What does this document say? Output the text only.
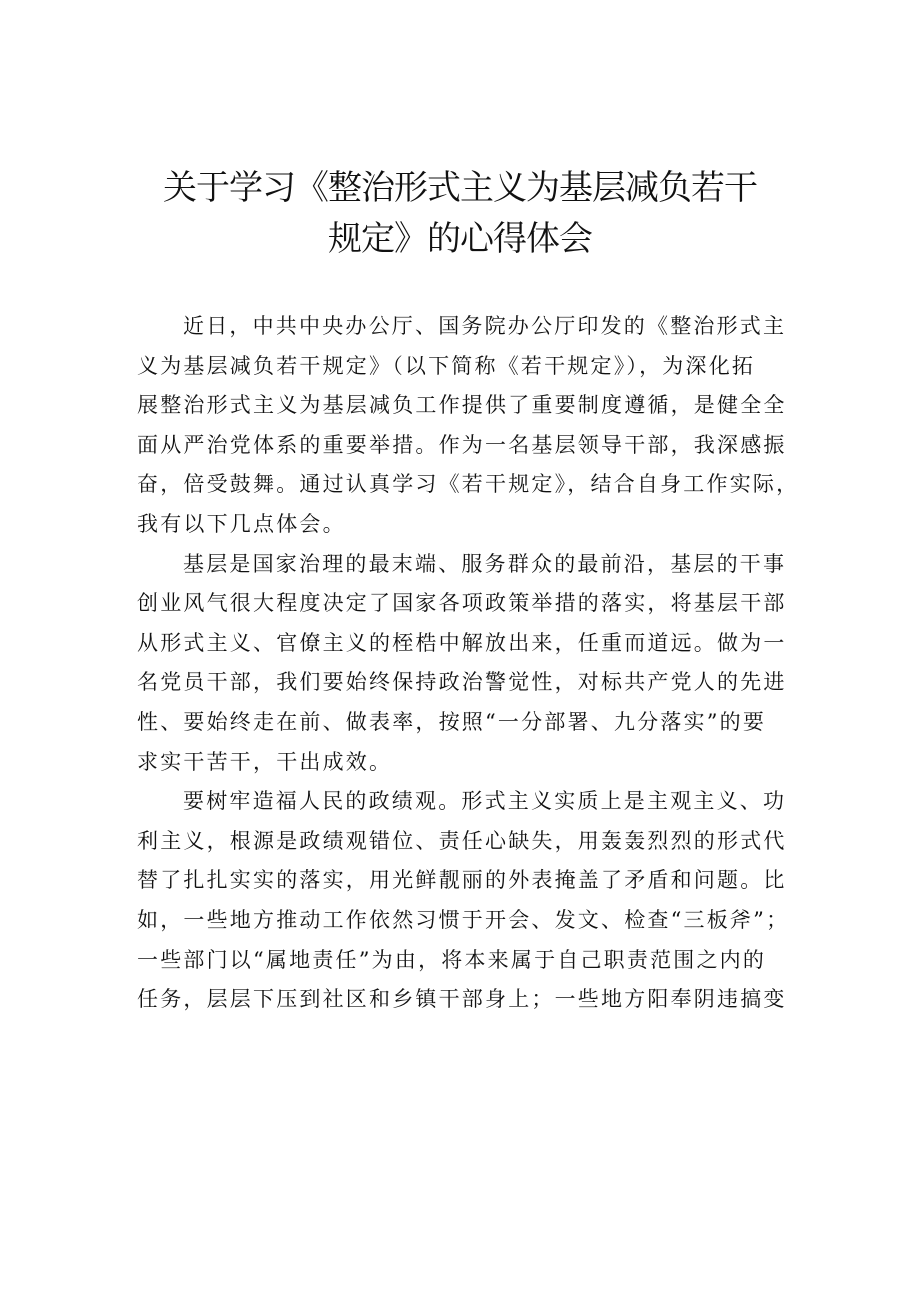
关于学习《整治形式主义为基层减负若干
规定》的心得体会

近日，中共中央办公厅、国务院办公厅印发的《整治形式主
义为基层减负若干规定》（以下简称《若干规定》），为深化拓
展整治形式主义为基层减负工作提供了重要制度遵循，是健全全
面从严治党体系的重要举措。作为一名基层领导干部，我深感振
奋，倍受鼓舞。通过认真学习《若干规定》，结合自身工作实际，
我有以下几点体会。

基层是国家治理的最末端、服务群众的最前沿，基层的干事
创业风气很大程度决定了国家各项政策举措的落实，将基层干部
从形式主义、官僚主义的桎梏中解放出来，任重而道远。做为一
名党员干部，我们要始终保持政治警觉性，对标共产党人的先进
性、要始终走在前、做表率，按照“一分部署、九分落实”的要
求实干苦干，干出成效。

要树牢造福人民的政绩观。形式主义实质上是主观主义、功
利主义，根源是政绩观错位、责任心缺失，用轰轰烈烈的形式代
替了扎扎实实的落实，用光鲜靓丽的外表掩盖了矛盾和问题。比
如，一些地方推动工作依然习惯于开会、发文、检查“三板斧”；
一些部门以“属地责任”为由，将本来属于自己职责范围之内的
任务，层层下压到社区和乡镇干部身上；一些地方阳奉阴违搞变
